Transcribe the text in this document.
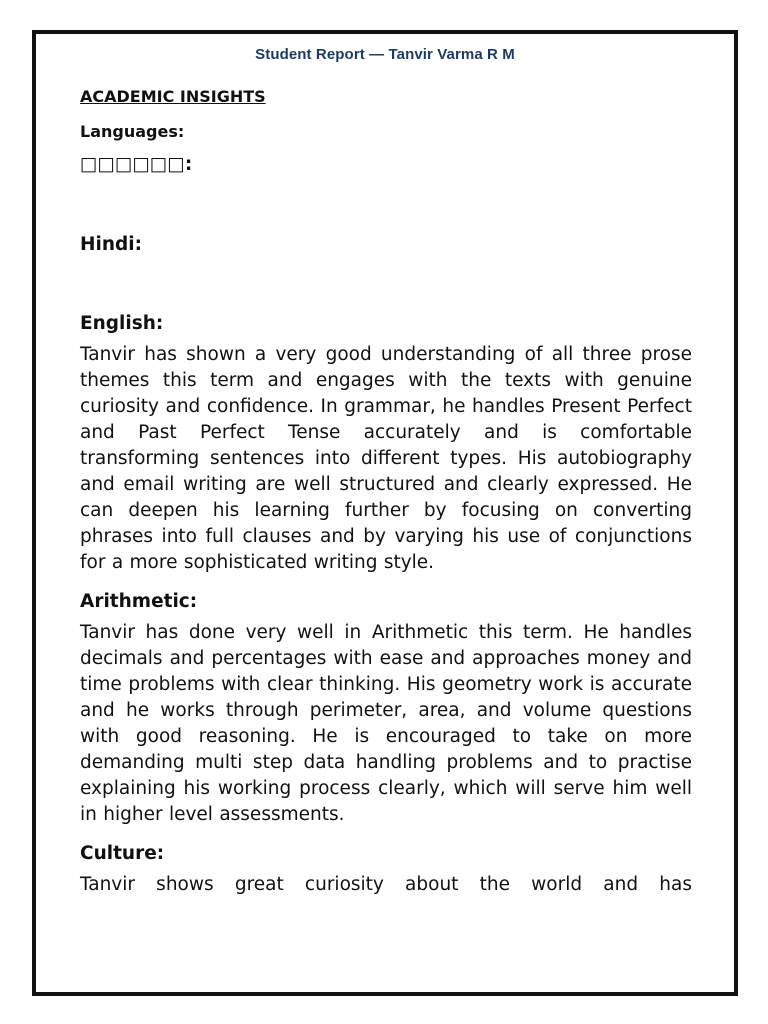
Student Report — Tanvir Varma R M
ACADEMIC INSIGHTS
Languages:
□□□□□□:
Hindi:
English:

Tanvir has shown a very good understanding of all three prose themes this term and engages with the texts with genuine curiosity and confidence. In grammar, he handles Present Perfect and Past Perfect Tense accurately and is comfortable transforming sentences into different types. His autobiography and email writing are well structured and clearly expressed. He can deepen his learning further by focusing on converting phrases into full clauses and by varying his use of conjunctions for a more sophisticated writing style.

Arithmetic:

Tanvir has done very well in Arithmetic this term. He handles decimals and percentages with ease and approaches money and time problems with clear thinking. His geometry work is accurate and he works through perimeter, area, and volume questions with good reasoning. He is encouraged to take on more demanding multi step data handling problems and to practise explaining his working process clearly, which will serve him well in higher level assessments.

Culture:

Tanvir shows great curiosity about the world and has
